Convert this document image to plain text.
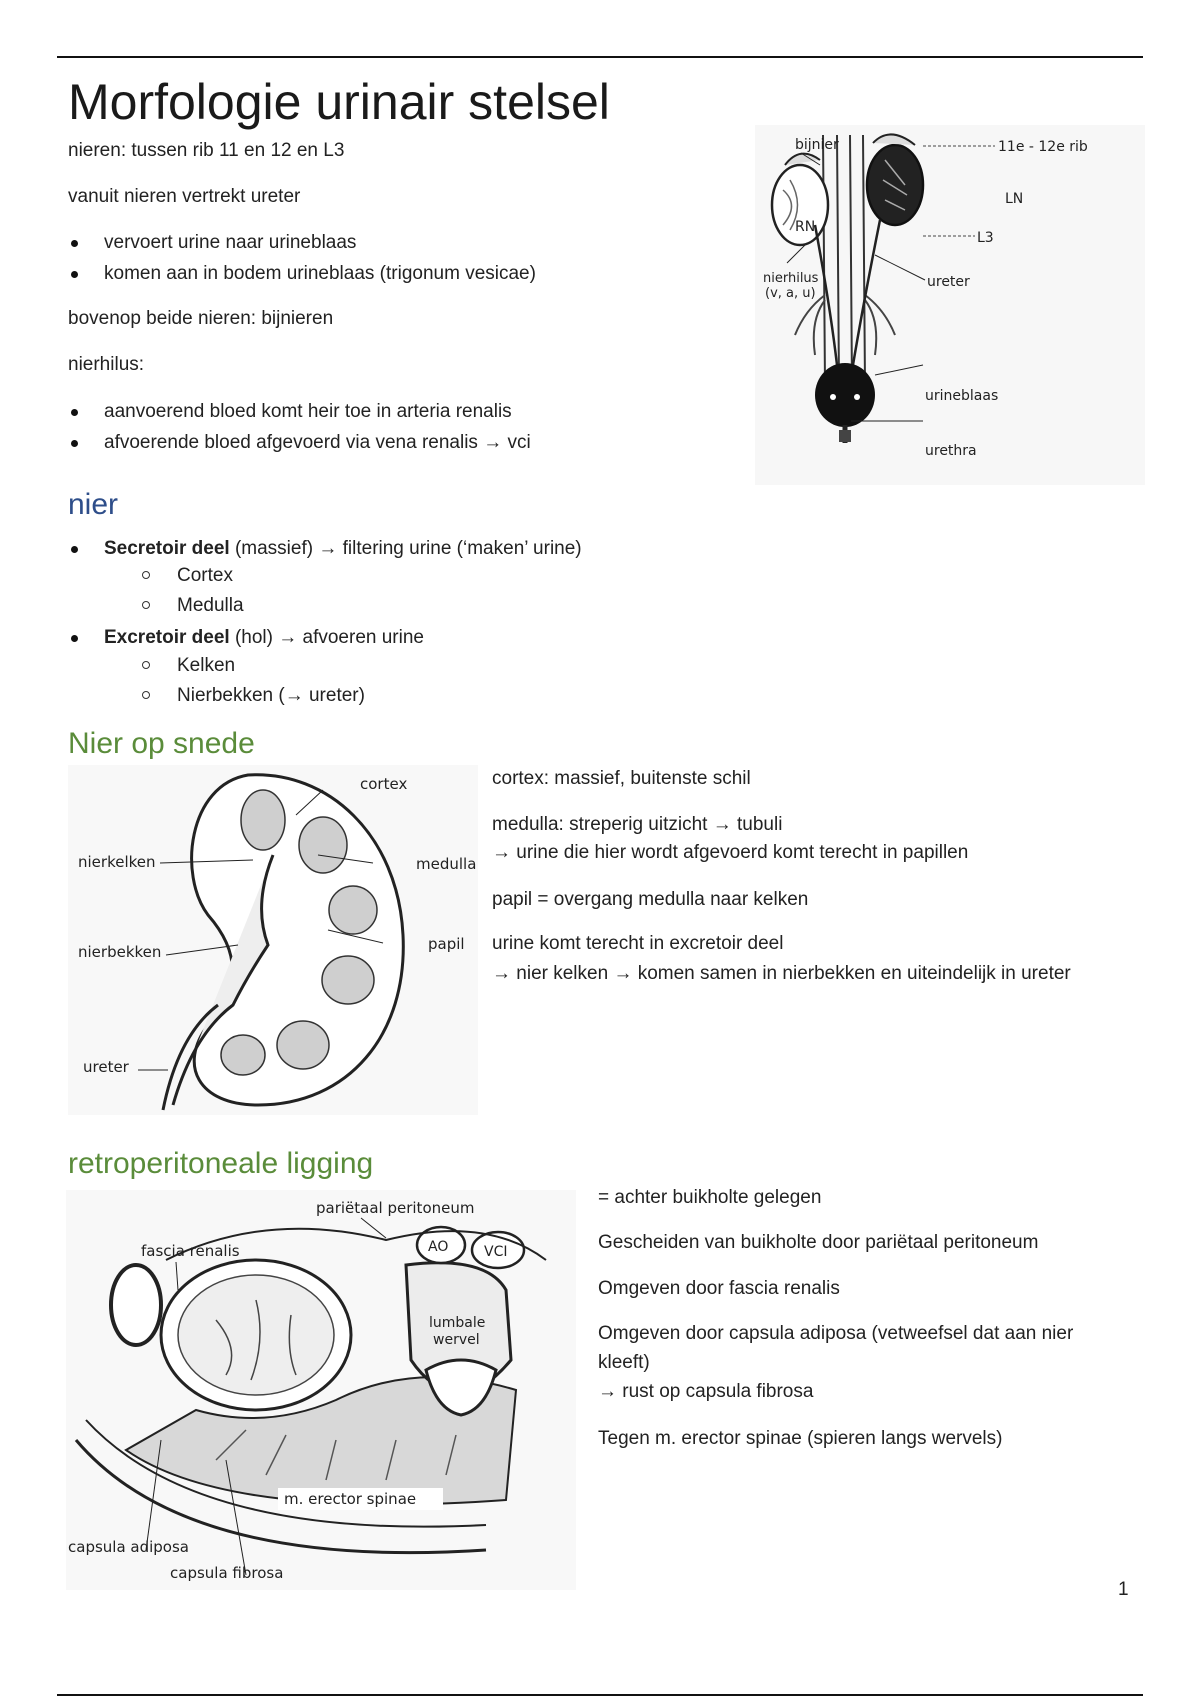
Morfologie urinair stelsel
nieren: tussen rib 11 en 12 en L3
vanuit nieren vertrekt ureter
vervoert urine naar urineblaas
komen aan in bodem urineblaas (trigonum vesicae)
bovenop beide nieren: bijnieren
nierhilus:
aanvoerend bloed komt heir toe in arteria renalis
afvoerende bloed afgevoerd via vena renalis → vci
bijnier	11e - 12e rib
LN
RN
L3
nierhilus
(v, a, u)
ureter
urineblaas
urethra
nier
Secretoir deel (massief) → filtering urine (‘maken’ urine)
Cortex
Medulla
Excretoir deel (hol) → afvoeren urine
Kelken
Nierbekken (→ ureter)
Nier op snede
cortex
nierkelken	medulla
nierbekken	papil
ureter
cortex: massief, buitenste schil
medulla: streperig uitzicht → tubuli
→ urine die hier wordt afgevoerd komt terecht in papillen
papil = overgang medulla naar kelken
urine komt terecht in excretoir deel
→ nier kelken → komen samen in nierbekken en uiteindelijk in ureter
retroperitoneale ligging
pariëtaal peritoneum
fascia renalis	AO	VCI
lumbale
wervel
m. erector spinae
capsula adiposa
capsula fibrosa
= achter buikholte gelegen
Gescheiden van buikholte door pariëtaal peritoneum
Omgeven door fascia renalis
Omgeven door capsula adiposa (vetweefsel dat aan nier
kleeft)
→ rust op capsula fibrosa
Tegen m. erector spinae (spieren langs wervels)
1
